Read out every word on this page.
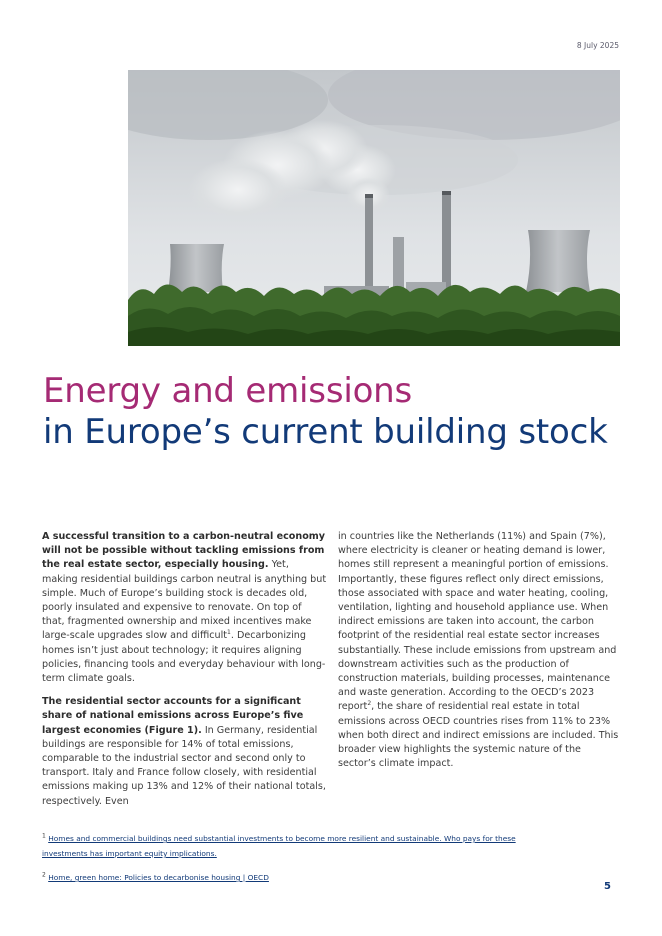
8 July 2025
Energy and emissions
in Europe’s current building stock

A successful transition to a carbon-neutral economy will not be possible without tackling emissions from the real estate sector, especially housing. Yet, making residential buildings carbon neutral is anything but simple. Much of Europe’s building stock is decades old, poorly insulated and expensive to renovate. On top of that, fragmented ownership and mixed incentives make large-scale upgrades slow and difficult$^1$. Decarbonizing homes isn’t just about technology; it requires aligning policies, financing tools and everyday behaviour with long-term climate goals.

The residential sector accounts for a significant share of national emissions across Europe’s five largest economies (Figure 1). In Germany, residential buildings are responsible for 14% of total emissions, comparable to the industrial sector and second only to transport. Italy and France follow closely, with residential emissions making up 13% and 12% of their national totals, respectively. Even

in countries like the Netherlands (11%) and Spain (7%), where electricity is cleaner or heating demand is lower, homes still represent a meaningful portion of emissions. Importantly, these figures reflect only direct emissions, those associated with space and water heating, cooling, ventilation, lighting and household appliance use. When indirect emissions are taken into account, the carbon footprint of the residential real estate sector increases substantially. These include emissions from upstream and downstream activities such as the production of construction materials, building processes, maintenance and waste generation. According to the OECD’s 2023 report$^2$, the share of residential real estate in total emissions across OECD countries rises from 11% to 23% when both direct and indirect emissions are included. This broader view highlights the systemic nature of the sector’s climate impact.

$^1$ Homes and commercial buildings need substantial investments to become more resilient and sustainable. Who pays for these investments has important equity implications.
$^2$ Home, green home: Policies to decarbonise housing | OECD
5
